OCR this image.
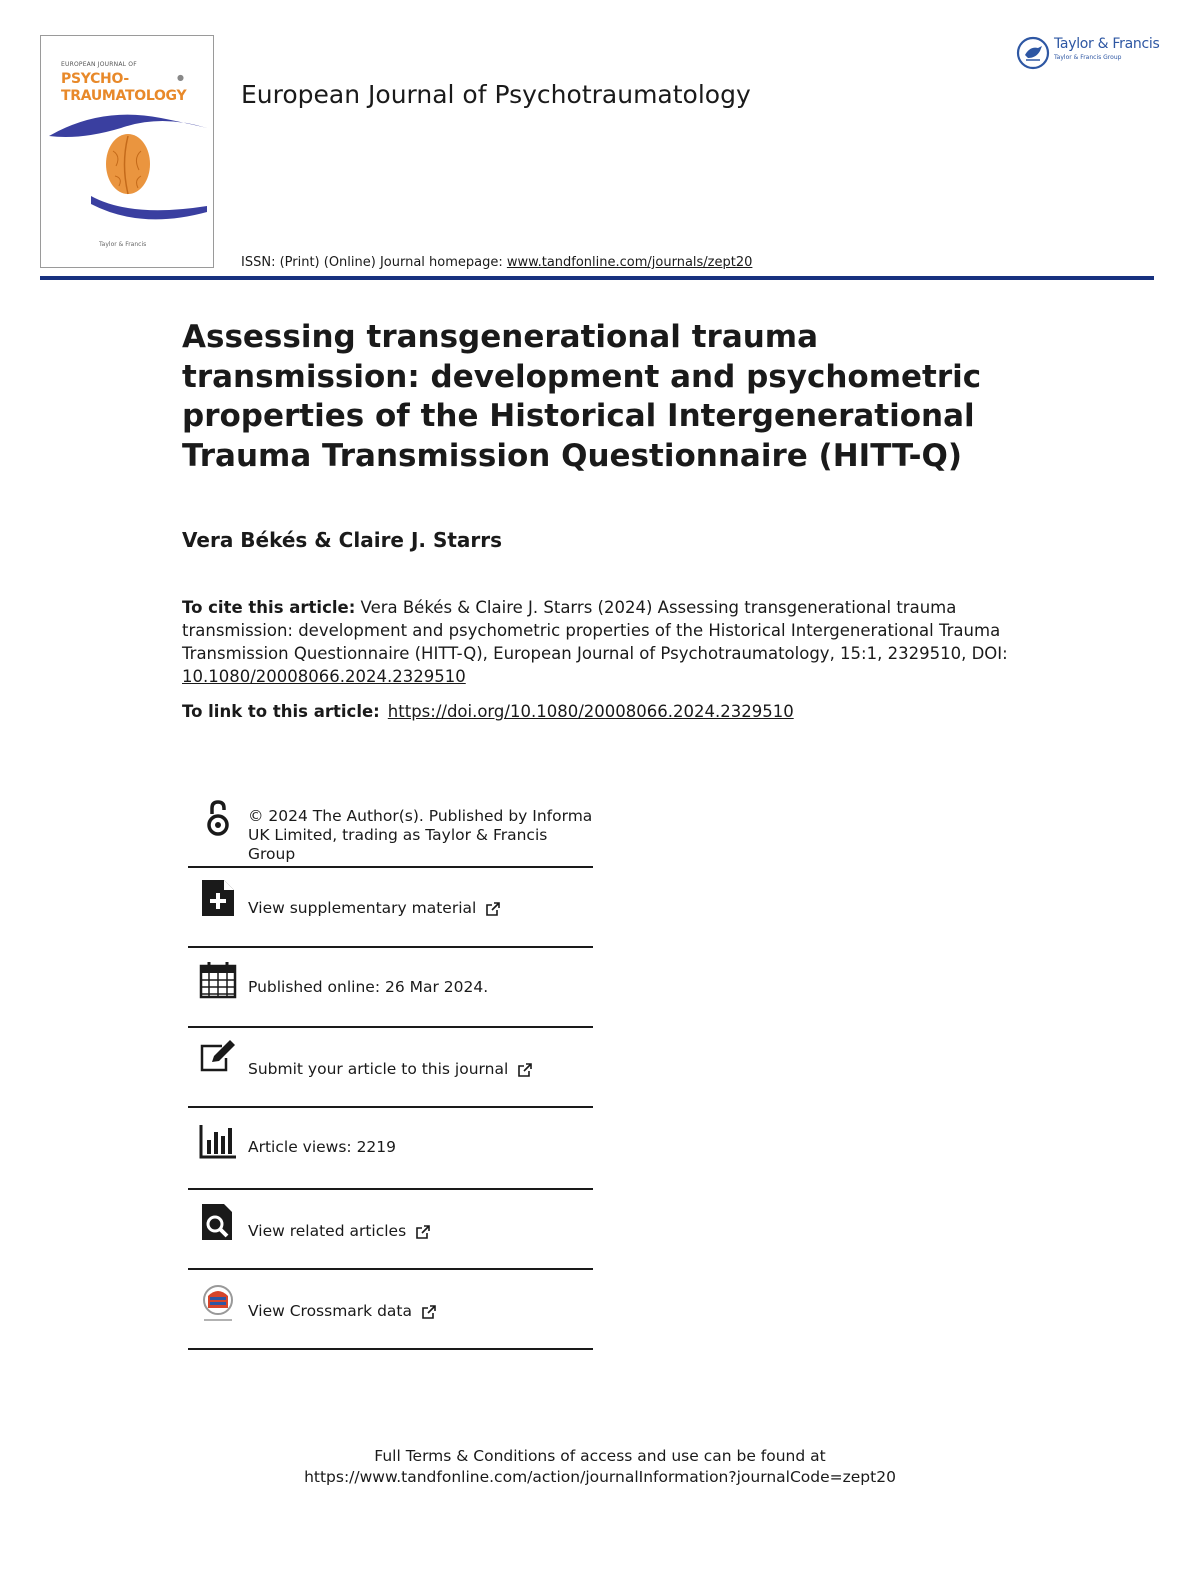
EUROPEAN JOURNAL OF
PSYCHO-
TRAUMATOLOGY
●
Taylor & Francis
European Journal of Psychotraumatology
ISSN: (Print) (Online) Journal homepage: www.tandfonline.com/journals/zept20
Taylor & Francis
Taylor & Francis Group
Assessing transgenerational trauma transmission: development and psychometric properties of the Historical Intergenerational Trauma Transmission Questionnaire (HITT-Q)
Vera Békés & Claire J. Starrs
To cite this article: Vera Békés & Claire J. Starrs (2024) Assessing transgenerational trauma transmission: development and psychometric properties of the Historical Intergenerational Trauma Transmission Questionnaire (HITT-Q), European Journal of Psychotraumatology, 15:1, 2329510, DOI: 10.1080/20008066.2024.2329510
To link to this article: https://doi.org/10.1080/20008066.2024.2329510
© 2024 The Author(s). Published by Informa UK Limited, trading as Taylor & Francis Group
View supplementary material
Published online: 26 Mar 2024.
Submit your article to this journal
Article views: 2219
View related articles
View Crossmark data
Full Terms & Conditions of access and use can be found at
https://www.tandfonline.com/action/journalInformation?journalCode=zept20
